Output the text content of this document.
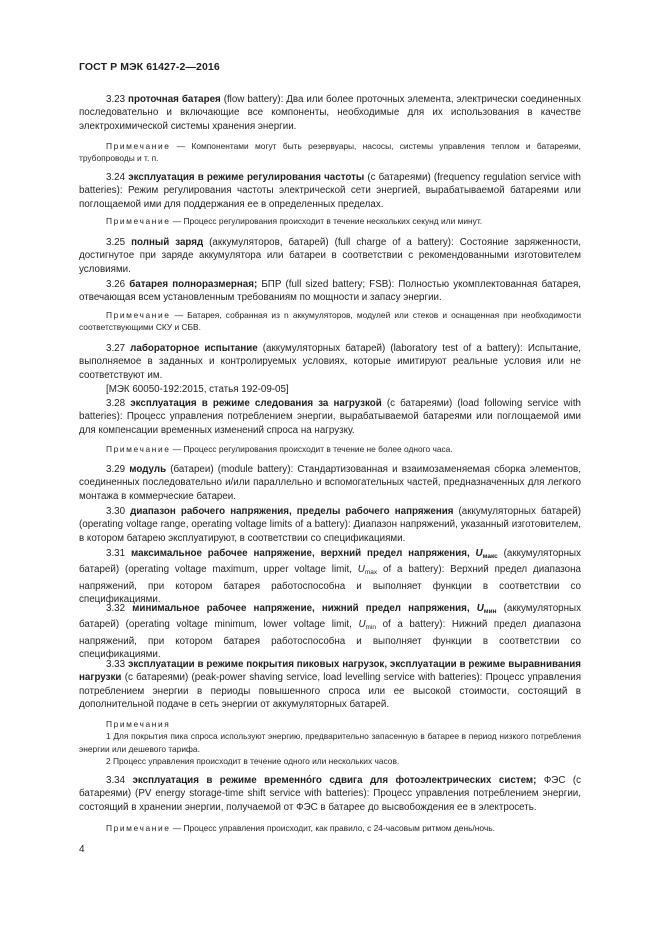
ГОСТ Р МЭК 61427-2—2016
3.23 проточная батарея (flow battery): Два или более проточных элемента, электрически соединенных последовательно и включающие все компоненты, необходимые для их использования в качестве электрохимической системы хранения энергии.
Примечание — Компонентами могут быть резервуары, насосы, системы управления теплом и батареями, трубопроводы и т. п.
3.24 эксплуатация в режиме регулирования частоты (с батареями) (frequency regulation service with batteries): Режим регулирования частоты электрической сети энергией, вырабатываемой батареями или поглощаемой ими для поддержания ее в определенных пределах.
Примечание — Процесс регулирования происходит в течение нескольких секунд или минут.
3.25 полный заряд (аккумуляторов, батарей) (full charge of a battery): Состояние заряженности, достигнутое при заряде аккумулятора или батареи в соответствии с рекомендованными изготовителем условиями.
3.26 батарея полноразмерная; БПР (full sized battery; FSB): Полностью укомплектованная батарея, отвечающая всем установленным требованиям по мощности и запасу энергии.
Примечание — Батарея, собранная из n аккумуляторов, модулей или стеков и оснащенная при необходимости соответствующими СКУ и СБВ.
3.27 лабораторное испытание (аккумуляторных батарей) (laboratory test of a battery): Испытание, выполняемое в заданных и контролируемых условиях, которые имитируют реальные условия или не соответствуют им.
[МЭК 60050-192:2015, статья 192-09-05]
3.28 эксплуатация в режиме следования за нагрузкой (с батареями) (load following service with batteries): Процесс управления потреблением энергии, вырабатываемой батареями или поглощаемой ими для компенсации временных изменений спроса на нагрузку.
Примечание — Процесс регулирования происходит в течение не более одного часа.
3.29 модуль (батареи) (module battery): Стандартизованная и взаимозаменяемая сборка элементов, соединенных последовательно и/или параллельно и вспомогательных частей, предназначенных для легкого монтажа в коммерческие батареи.
3.30 диапазон рабочего напряжения, пределы рабочего напряжения (аккумуляторных батарей) (operating voltage range, operating voltage limits of a battery): Диапазон напряжений, указанный изготовителем, в котором батарею эксплуатируют, в соответствии со спецификациями.
3.31 максимальное рабочее напряжение, верхний предел напряжения, $U_{макс}$ (аккумуляторных батарей) (operating voltage maximum, upper voltage limit, $U_{max}$ of a battery): Верхний предел диапазона напряжений, при котором батарея работоспособна и выполняет функции в соответствии со спецификациями.
3.32 минимальное рабочее напряжение, нижний предел напряжения, $U_{мин}$ (аккумуляторных батарей) (operating voltage minimum, lower voltage limit, $U_{min}$ of a battery): Нижний предел диапазона напряжений, при котором батарея работоспособна и выполняет функции в соответствии со спецификациями.
3.33 эксплуатации в режиме покрытия пиковых нагрузок, эксплуатации в режиме выравнивания нагрузки (с батареями) (peak-power shaving service, load levelling service with batteries): Процесс управления потреблением энергии в периоды повышенного спроса или ее высокой стоимости, состоящий в дополнительной подаче в сеть энергии от аккумуляторных батарей.
Примечания
1 Для покрытия пика спроса используют энергию, предварительно запасенную в батарее в период низкого потребления энергии или дешевого тарифа.
2 Процесс управления происходит в течение одного или нескольких часов.
3.34 эксплуатация в режиме временно́го сдвига для фотоэлектрических систем; ФЭС (с батареями) (PV energy storage-time shift service with batteries): Процесс управления потреблением энергии, состоящий в хранении энергии, получаемой от ФЭС в батарее до высвобождения ее в электросеть.
Примечание — Процесс управления происходит, как правило, с 24-часовым ритмом день/ночь.
4
